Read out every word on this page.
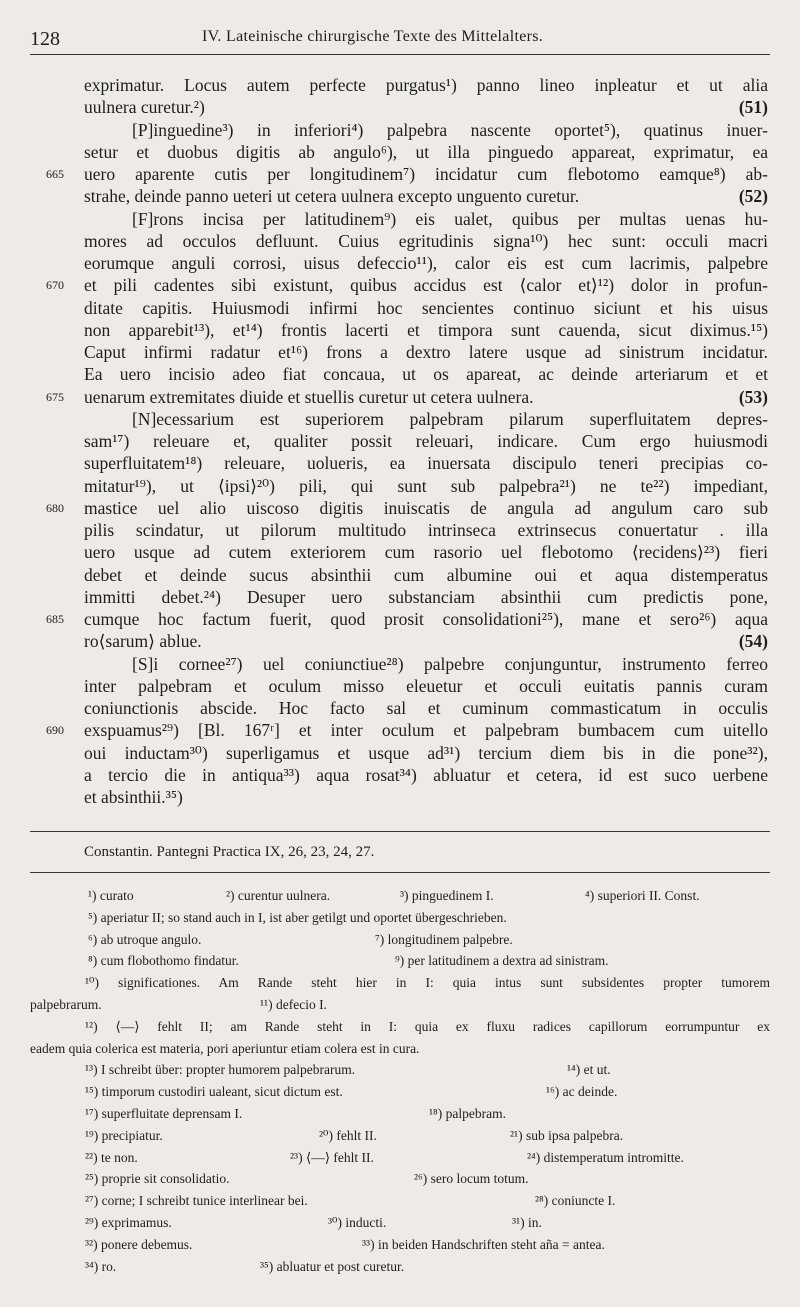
128	IV. Lateinische chirurgische Texte des Mittelalters.
exprimatur. Locus autem perfecte purgatus¹) panno lineo inpleatur et ut alia
uulnera curetur.²)	(51)
[P]inguedine³) in inferiori⁴) palpebra nascente oportet⁵), quatinus inuer-
setur et duobus digitis ab angulo⁶), ut illa pinguedo appareat, exprimatur, ea
665 uero aparente cutis per longitudinem⁷) incidatur cum flebotomo eamque⁸) ab-
strahe, deinde panno ueteri ut cetera uulnera excepto unguento curetur.	(52)
[F]rons incisa per latitudinem⁹) eis ualet, quibus per multas uenas hu-
mores ad occulos defluunt. Cuius egritudinis signa¹⁰) hec sunt: occuli macri
eorumque anguli corrosi, uisus defeccio¹¹), calor eis est cum lacrimis, palpebre
670 et pili cadentes sibi existunt, quibus accidus est ⟨calor et⟩¹²) dolor in profun-
ditate capitis. Huiusmodi infirmi hoc sencientes continuo siciunt et his uisus
non apparebit¹³), et¹⁴) frontis lacerti et timpora sunt cauenda, sicut diximus.¹⁵)
Caput infirmi radatur et¹⁶) frons a dextro latere usque ad sinistrum incidatur.
Ea uero incisio adeo fiat concaua, ut os apareat, ac deinde arteriarum et et
675 uenarum extremitates diuide et stuellis curetur ut cetera uulnera.	(53)
[N]ecessarium est superiorem palpebram pilarum superfluitatem depres-
sam¹⁷) releuare et, qualiter possit releuari, indicare. Cum ergo huiusmodi
superfluitatem¹⁸) releuare, uolueris, ea inuersata discipulo teneri precipias co-
mitatur¹⁹), ut ⟨ipsi⟩²⁰) pili, qui sunt sub palpebra²¹) ne te²²) impediant,
680 mastice uel alio uiscoso digitis inuiscatis de angula ad angulum caro sub
pilis scindatur, ut pilorum multitudo intrinseca extrinsecus conuertatur . illa
uero usque ad cutem exteriorem cum rasorio uel flebotomo ⟨recidens⟩²³) fieri
debet et deinde sucus absinthii cum albumine oui et aqua distemperatus
immitti debet.²⁴) Desuper uero substanciam absinthii cum predictis pone,
685 cumque hoc factum fuerit, quod prosit consolidationi²⁵), mane et sero²⁶) aqua
ro⟨sarum⟩ ablue.	(54)
[S]i cornee²⁷) uel coniunctiue²⁸) palpebre conjunguntur, instrumento ferreo
inter palpebram et oculum misso eleuetur et occuli euitatis pannis curam
coniunctionis abscide. Hoc facto sal et cuminum commasticatum in occulis
690 exspuamus²⁹) [Bl. 167ʳ] et inter oculum et palpebram bumbacem cum uitello
oui inductam³⁰) superligamus et usque ad³¹) tercium diem bis in die pone³²),
a tercio die in antiqua³³) aqua rosat³⁴) abluatur et cetera, id est suco uerbene
et absinthii.³⁵)
Constantin. Pantegni Practica IX, 26, 23, 24, 27.
¹) curato	²) curentur uulnera.	³) pinguedinem I.	⁴) superiori II. Const.
⁵) aperiatur II; so stand auch in I, ist aber getilgt und oportet übergeschrieben.
⁶) ab utroque angulo.	⁷) longitudinem palpebre.
⁸) cum flobothomo findatur.	⁹) per latitudinem a dextra ad sinistram.
¹⁰) significationes. Am Rande steht hier in I: quia intus sunt subsidentes propter tumorem
palpebrarum.	¹¹) defecio I.
¹²) ⟨—⟩ fehlt II; am Rande steht in I: quia ex fluxu radices capillorum eorrumpuntur ex
eadem quia colerica est materia, pori aperiuntur etiam colera est in cura.
¹³) I schreibt über: propter humorem palpebrarum.	¹⁴) et ut.
¹⁵) timporum custodiri ualeant, sicut dictum est.	¹⁶) ac deinde.
¹⁷) superfluitate deprensam I.	¹⁸) palpebram.
¹⁹) precipiatur.	²⁰) fehlt II.	²¹) sub ipsa palpebra.
²²) te non.	²³) ⟨—⟩ fehlt II.	²⁴) distemperatum intromitte.
²⁵) proprie sit consolidatio.	²⁶) sero locum totum.
²⁷) corne; I schreibt tunice interlinear bei.	²⁸) coniuncte I.
²⁹) exprimamus.	³⁰) inducti.	³¹) in.
³²) ponere debemus.	³³) in beiden Handschriften steht aña = antea.
³⁴) ro.	³⁵) abluatur et post curetur.
